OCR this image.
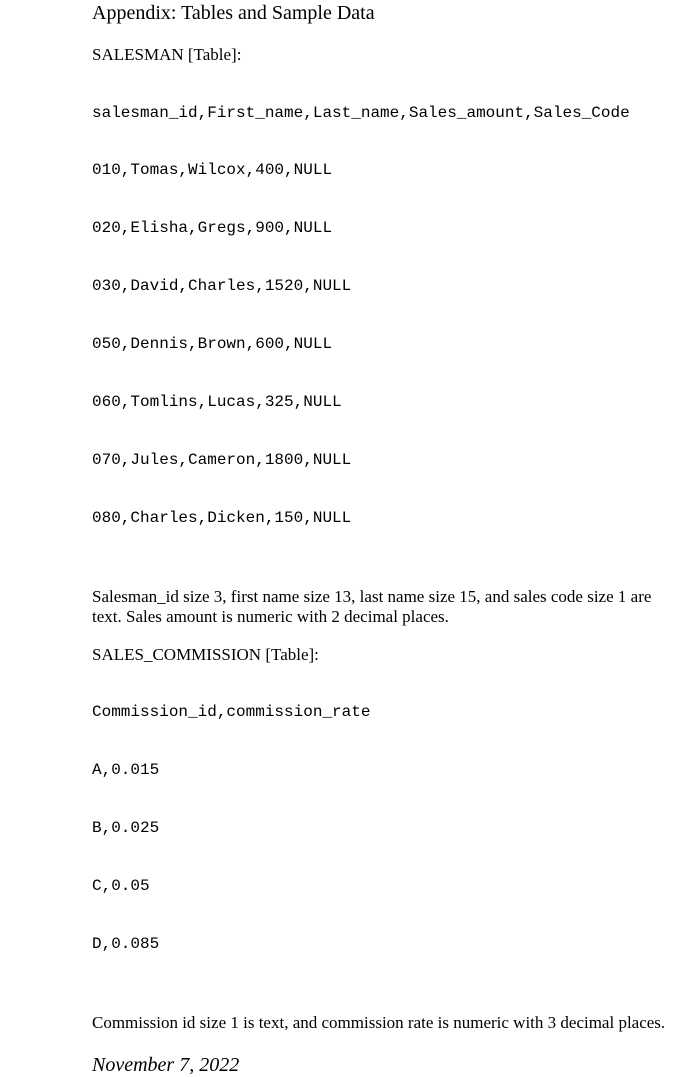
Appendix: Tables and Sample Data
SALESMAN [Table]:

salesman_id,First_name,Last_name,Sales_amount,Sales_Code

010,Tomas,Wilcox,400,NULL

020,Elisha,Gregs,900,NULL

030,David,Charles,1520,NULL

050,Dennis,Brown,600,NULL

060,Tomlins,Lucas,325,NULL

070,Jules,Cameron,1800,NULL

080,Charles,Dicken,150,NULL

Salesman_id size 3, first name size 13, last name size 15, and sales code size 1 are text. Sales amount is numeric with 2 decimal places.
SALES_COMMISSION [Table]:

Commission_id,commission_rate

A,0.015

B,0.025

C,0.05

D,0.085

Commission id size 1 is text, and commission rate is numeric with 3 decimal places.
November 7, 2022
